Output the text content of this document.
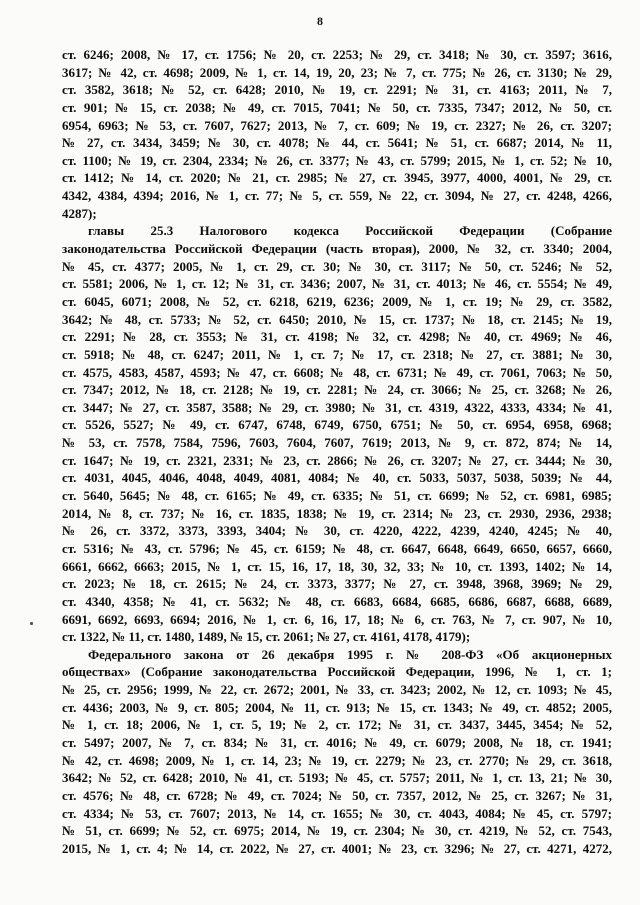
8
ст. 6246; 2008, № 17, ст. 1756; № 20, ст. 2253; № 29, ст. 3418; № 30, ст. 3597; 3616,
3617; № 42, ст. 4698; 2009, № 1, ст. 14, 19, 20, 23; № 7, ст. 775; № 26, ст. 3130; № 29,
ст. 3582, 3618; № 52, ст. 6428; 2010, № 19, ст. 2291; № 31, ст. 4163; 2011, № 7,
ст. 901; № 15, ст. 2038; № 49, ст. 7015, 7041; № 50, ст. 7335, 7347; 2012, № 50, ст.
6954, 6963; № 53, ст. 7607, 7627; 2013, № 7, ст. 609; № 19, ст. 2327; № 26, ст. 3207;
№ 27, ст. 3434, 3459; № 30, ст. 4078; № 44, ст. 5641; № 51, ст. 6687; 2014, № 11,
ст. 1100; № 19, ст. 2304, 2334; № 26, ст. 3377; № 43, ст. 5799; 2015, № 1, ст. 52; № 10,
ст. 1412; № 14, ст. 2020; № 21, ст. 2985; № 27, ст. 3945, 3977, 4000, 4001, № 29, ст.
4342, 4384, 4394; 2016, № 1, ст. 77; № 5, ст. 559, № 22, ст. 3094, № 27, ст. 4248, 4266,
4287);
главы 25.3 Налогового кодекса Российской Федерации (Собрание
законодательства Российской Федерации (часть вторая), 2000, № 32, ст. 3340; 2004,
№ 45, ст. 4377; 2005, № 1, ст. 29, ст. 30; № 30, ст. 3117; № 50, ст. 5246; № 52,
ст. 5581; 2006, № 1, ст. 12; № 31, ст. 3436; 2007, № 31, ст. 4013; № 46, ст. 5554; № 49,
ст. 6045, 6071; 2008, № 52, ст. 6218, 6219, 6236; 2009, № 1, ст. 19; № 29, ст. 3582,
3642; № 48, ст. 5733; № 52, ст. 6450; 2010, № 15, ст. 1737; № 18, ст. 2145; № 19,
ст. 2291; № 28, ст. 3553; № 31, ст. 4198; № 32, ст. 4298; № 40, ст. 4969; № 46,
ст. 5918; № 48, ст. 6247; 2011, № 1, ст. 7; № 17, ст. 2318; № 27, ст. 3881; № 30,
ст. 4575, 4583, 4587, 4593; № 47, ст. 6608; № 48, ст. 6731; № 49, ст. 7061, 7063; № 50,
ст. 7347; 2012, № 18, ст. 2128; № 19, ст. 2281; № 24, ст. 3066; № 25, ст. 3268; № 26,
ст. 3447; № 27, ст. 3587, 3588; № 29, ст. 3980; № 31, ст. 4319, 4322, 4333, 4334; № 41,
ст. 5526, 5527; № 49, ст. 6747, 6748, 6749, 6750, 6751; № 50, ст. 6954, 6958, 6968;
№ 53, ст. 7578, 7584, 7596, 7603, 7604, 7607, 7619; 2013, № 9, ст. 872, 874; № 14,
ст. 1647; № 19, ст. 2321, 2331; № 23, ст. 2866; № 26, ст. 3207; № 27, ст. 3444; № 30,
ст. 4031, 4045, 4046, 4048, 4049, 4081, 4084; № 40, ст. 5033, 5037, 5038, 5039; № 44,
ст. 5640, 5645; № 48, ст. 6165; № 49, ст. 6335; № 51, ст. 6699; № 52, ст. 6981, 6985;
2014, № 8, ст. 737; № 16, ст. 1835, 1838; № 19, ст. 2314; № 23, ст. 2930, 2936, 2938;
№ 26, ст. 3372, 3373, 3393, 3404; № 30, ст. 4220, 4222, 4239, 4240, 4245; № 40,
ст. 5316; № 43, ст. 5796; № 45, ст. 6159; № 48, ст. 6647, 6648, 6649, 6650, 6657, 6660,
6661, 6662, 6663; 2015, № 1, ст. 15, 16, 17, 18, 30, 32, 33; № 10, ст. 1393, 1402; № 14,
ст. 2023; № 18, ст. 2615; № 24, ст. 3373, 3377; № 27, ст. 3948, 3968, 3969; № 29,
ст. 4340, 4358; № 41, ст. 5632; № 48, ст. 6683, 6684, 6685, 6686, 6687, 6688, 6689,
6691, 6692, 6693, 6694; 2016, № 1, ст. 6, 16, 17, 18; № 6, ст. 763, № 7, ст. 907, № 10,
ст. 1322, № 11, ст. 1480, 1489, № 15, ст. 2061; № 27, ст. 4161, 4178, 4179);
Федерального закона от 26 декабря 1995 г. № 208-ФЗ «Об акционерных
обществах» (Собрание законодательства Российской Федерации, 1996, № 1, ст. 1;
№ 25, ст. 2956; 1999, № 22, ст. 2672; 2001, № 33, ст. 3423; 2002, № 12, ст. 1093; № 45,
ст. 4436; 2003, № 9, ст. 805; 2004, № 11, ст. 913; № 15, ст. 1343; № 49, ст. 4852; 2005,
№ 1, ст. 18; 2006, № 1, ст. 5, 19; № 2, ст. 172; № 31, ст. 3437, 3445, 3454; № 52,
ст. 5497; 2007, № 7, ст. 834; № 31, ст. 4016; № 49, ст. 6079; 2008, № 18, ст. 1941;
№ 42, ст. 4698; 2009, № 1, ст. 14, 23; № 19, ст. 2279; № 23, ст. 2770; № 29, ст. 3618,
3642; № 52, ст. 6428; 2010, № 41, ст. 5193; № 45, ст. 5757; 2011, № 1, ст. 13, 21; № 30,
ст. 4576; № 48, ст. 6728; № 49, ст. 7024; № 50, ст. 7357, 2012, № 25, ст. 3267; № 31,
ст. 4334; № 53, ст. 7607; 2013, № 14, ст. 1655; № 30, ст. 4043, 4084; № 45, ст. 5797;
№ 51, ст. 6699; № 52, ст. 6975; 2014, № 19, ст. 2304; № 30, ст. 4219, № 52, ст. 7543,
2015, № 1, ст. 4; № 14, ст. 2022, № 27, ст. 4001; № 23, ст. 3296; № 27, ст. 4271, 4272,
